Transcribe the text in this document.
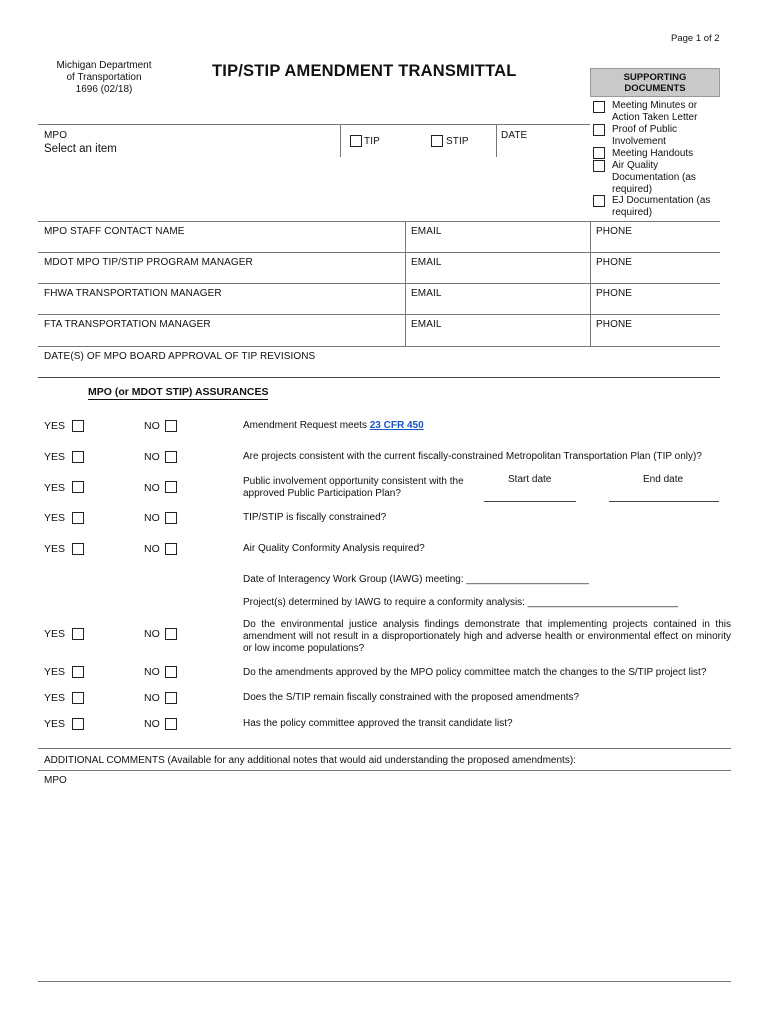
Page 1 of 2
Michigan Department
of Transportation
1696 (02/18)
TIP/STIP AMENDMENT TRANSMITTAL	SUPPORTING
DOCUMENTS
Meeting Minutes or
Action Taken Letter
Proof of Public
Involvement
Meeting Handouts
Air Quality
Documentation (as
required)
EJ Documentation (as
required)
MPO
Select an item
TIP	STIP
DATE
MPO STAFF CONTACT NAME	EMAIL	PHONE
MDOT MPO TIP/STIP PROGRAM MANAGER	EMAIL	PHONE
FHWA TRANSPORTATION MANAGER	EMAIL	PHONE
FTA TRANSPORTATION MANAGER	EMAIL	PHONE
DATE(S) OF MPO BOARD APPROVAL OF TIP REVISIONS
MPO (or MDOT STIP) ASSURANCES
YES	NO	Amendment Request meets 23 CFR 450
YES	NO	Are projects consistent with the current fiscally-constrained Metropolitan Transportation Plan (TIP only)?
YES	NO
Public involvement opportunity consistent with the
approved Public Participation Plan?
Start date	End date
YES	NO	TIP/STIP is fiscally constrained?
YES	NO	Air Quality Conformity Analysis required?
Date of Interagency Work Group (IAWG) meeting: ______________________
Project(s) determined by IAWG to require a conformity analysis: ___________________________
YES	NO
Do the environmental justice analysis findings demonstrate that implementing projects contained in this amendment will not result in a disproportionately high and adverse health or environmental effect on minority or low income populations?
YES	NO	Do the amendments approved by the MPO policy committee match the changes to the S/TIP project list?
YES	NO	Does the S/TIP remain fiscally constrained with the proposed amendments?
YES	NO	Has the policy committee approved the transit candidate list?
ADDITIONAL COMMENTS (Available for any additional notes that would aid understanding the proposed amendments):
MPO
